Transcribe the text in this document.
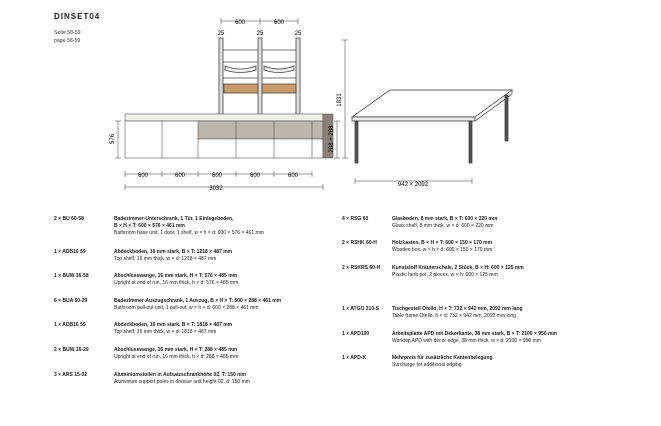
DINSET04
Seite 58-59
page 58-59
600	600
25	25	25
576	288 + 288
1831
600	600	600	600	600
3032
942 × 2092
2 × BU 60-58	Badezimmer-Unterschrank, 1 Tür, 1 Einlegeboden,
B × H × T: 600 × 576 × 461 mm
Bathroom base unit, 1 door, 1 shelf, w × h × d: 600 × 576 × 461 mm
1 × ADB16 59	Abdeckboden, 16 mm stark, B × T: 1218 × 487 mm
Top shelf, 16 mm thick, w × d: 1218 × 487 mm
1 × BUW 16-58	Abschlusswange, 16 mm stark, H × T: 576 × 485 mm
Upright at end of run, 16 mm thick, h × d: 576 × 485 mm
6 × BUA 60-29	Badezimmer-Auszugschrank, 1 Auszug, B × H × T: 600 × 288 × 461 mm
Bathroom pull-out unit, 1 pull-out, w × h × d: 600 × 288 × 461 mm
1 × ADB16 59	Abdeckboden, 16 mm stark, B × T: 1818 × 487 mm
Top shelf, 16 mm thick, w × d: 1818 × 487 mm
2 × BUW 16-29	Abschlusswange, 16 mm stark, H × T: 288 × 485 mm
Upright at end of run, 16 mm thick, h × d: 288 × 485 mm
3 × ARS 15-02	Aluminiumstollen in Aufsatzschrankhöhe 02, T: 150 mm
Aluminium support poles in dresser unit height 02, d: 150 mm
4 × RSG 60	Glasboden, 8 mm stark, B × T: 600 × 220 mm
Glass shelf, 8 mm thick, w × d: 600 × 220 mm
2 × RSHK 60-H	Holzkasten, B × H × T: 600 × 150 × 170 mm
Wooden box, w × h × d: 600 × 150 × 170 mm
2 × RSKRS 60-H Kunststoff Kräuterschale, 2 Stück, B × H: 600 × 125 mm
Plastic herb pot, 2 pieces, w × h: 600 × 125 mm
1 × ATGO 210-S	Tischgestell Otello, H × T: 732 × 942 mm, 2092 mm lang
Table frame Otello, h × d: 732 × 942 mm, 2092 mm long
1 × APD100	Arbeitsplatte APD mit Dekorkante, 38 mm stark, B × T: 2100 × 950 mm
Worktop APD with décor edge, 38 mm thick, w × d: 2100 × 950 mm
1 × APD-K	Mehrpreis für zusätzliche Kantenbelegung
Surcharge for additional edging
